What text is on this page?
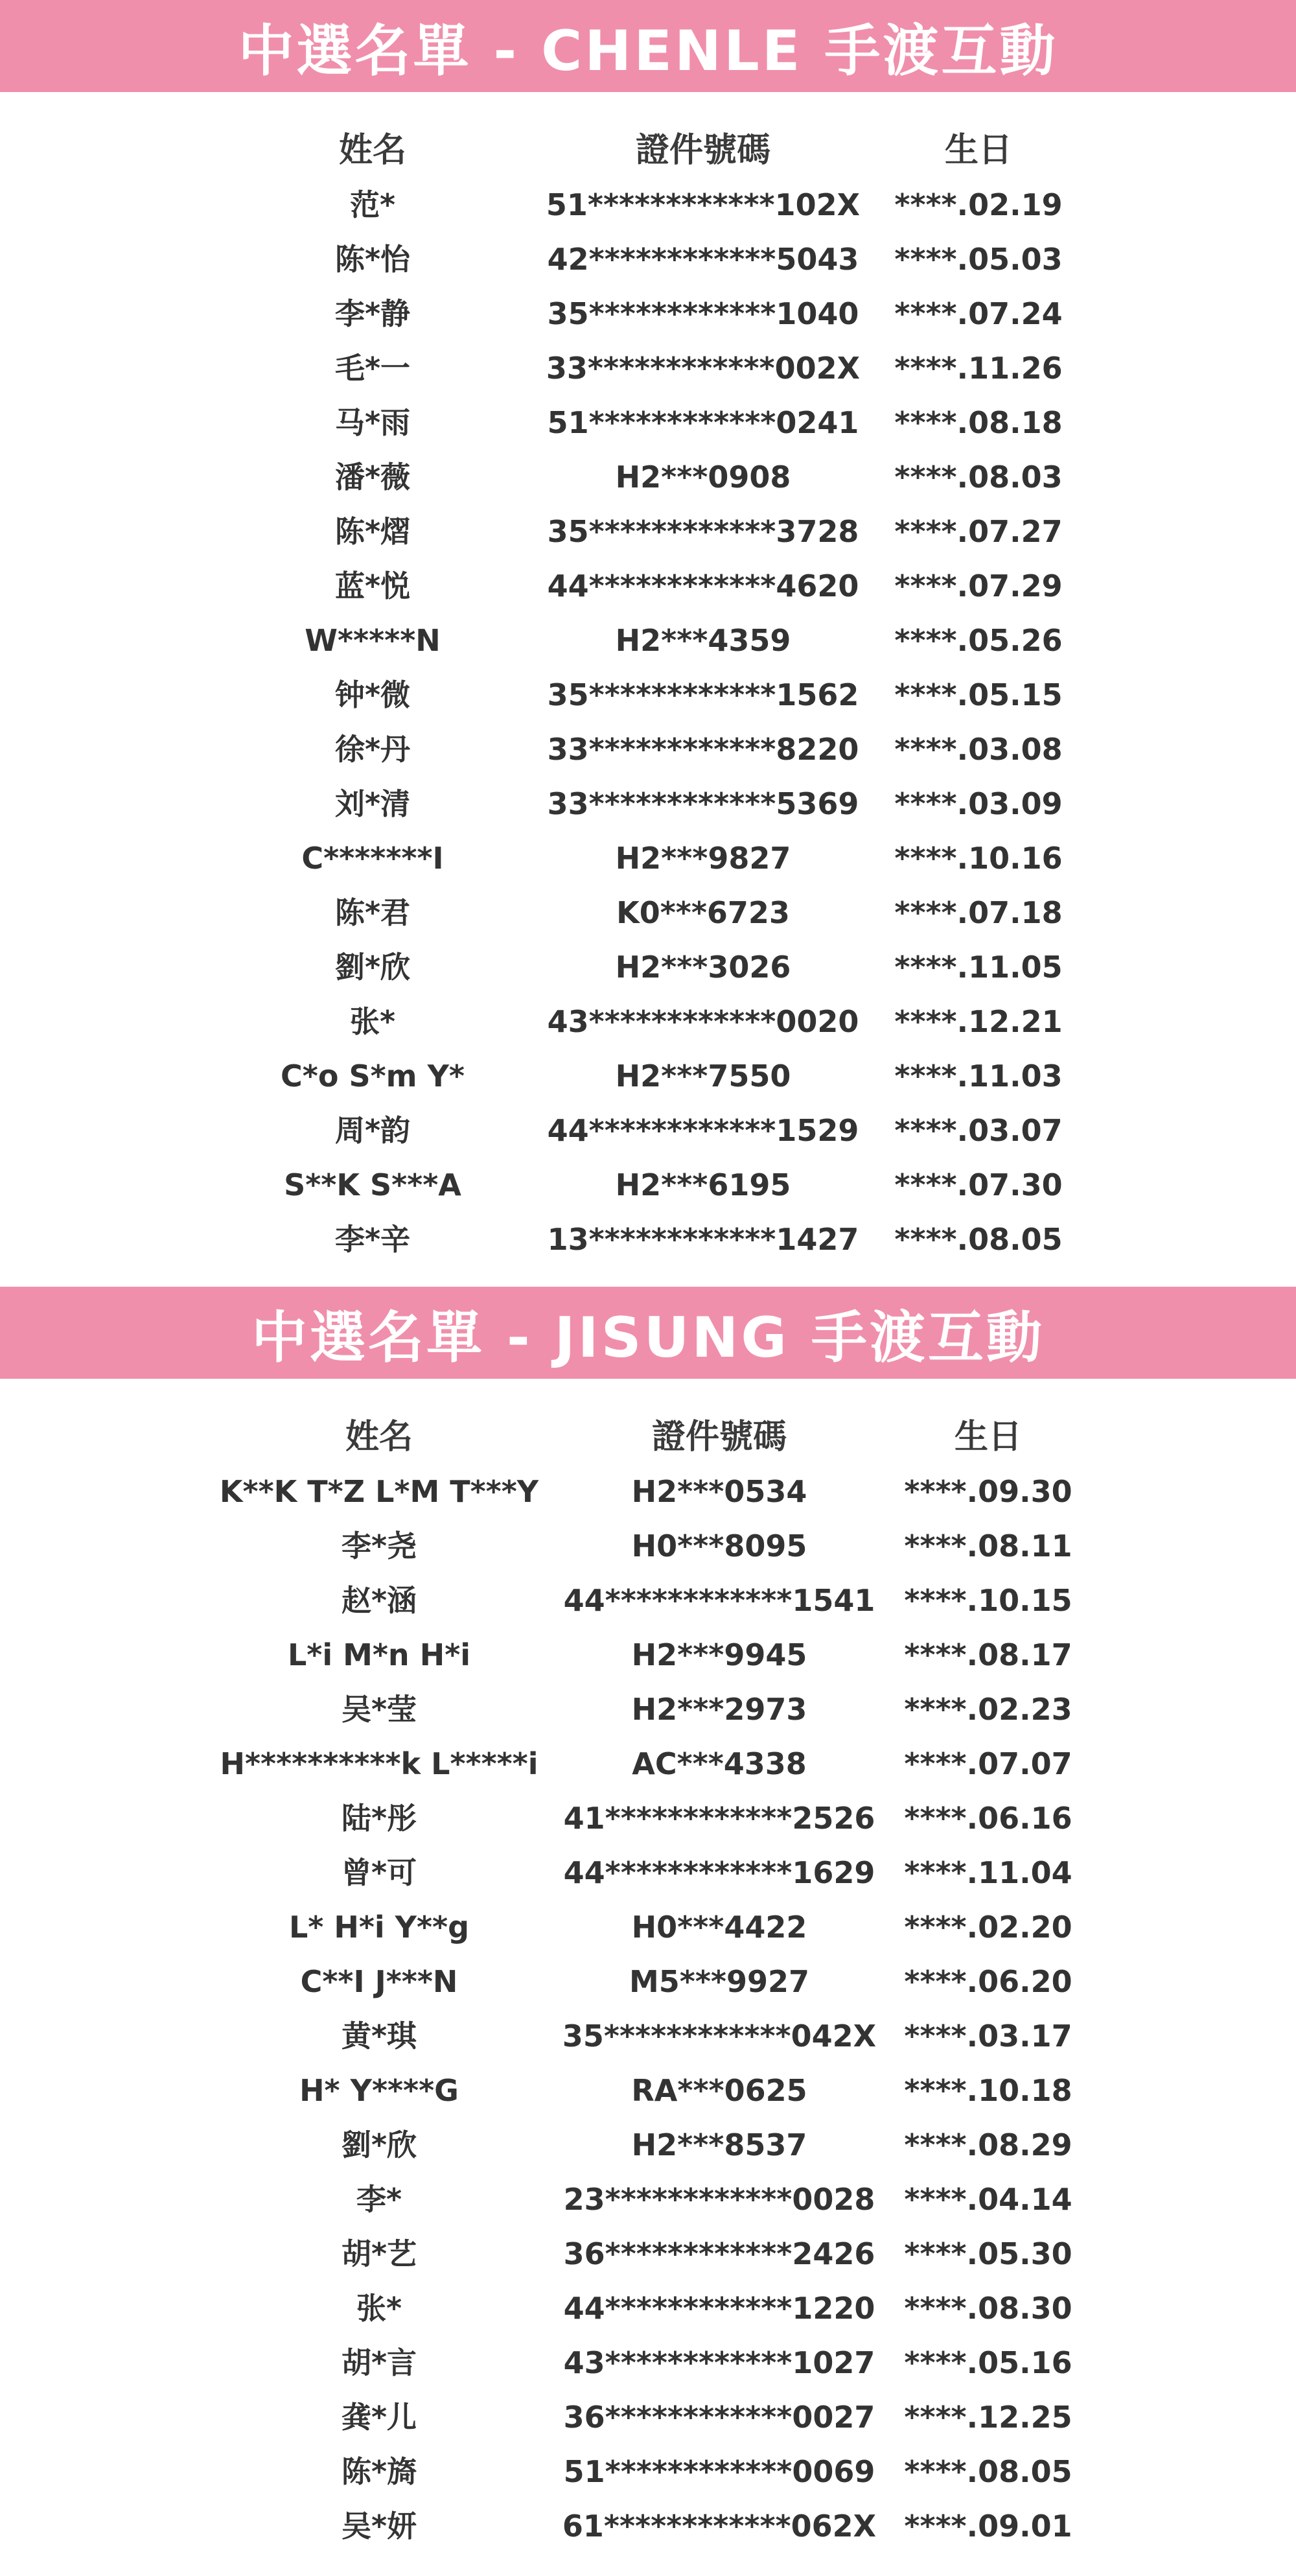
中選名單 - CHENLE 手渡互動
姓名	證件號碼	生日
范*	51************102X	****.02.19
陈*怡	42************5043	****.05.03
李*静	35************1040	****.07.24
毛*一	33************002X	****.11.26
马*雨	51************0241	****.08.18
潘*薇	H2***0908	****.08.03
陈*熠	35************3728	****.07.27
蓝*悦	44************4620	****.07.29
W*****N	H2***4359	****.05.26
钟*微	35************1562	****.05.15
徐*丹	33************8220	****.03.08
刘*清	33************5369	****.03.09
C*******I	H2***9827	****.10.16
陈*君	K0***6723	****.07.18
劉*欣	H2***3026	****.11.05
张*	43************0020	****.12.21
C*o S*m Y*	H2***7550	****.11.03
周*韵	44************1529	****.03.07
S**K S***A	H2***6195	****.07.30
李*辛	13************1427	****.08.05
中選名單 - JISUNG 手渡互動
姓名	證件號碼	生日
K**K T*Z L*M T***Y	H2***0534	****.09.30
李*尧	H0***8095	****.08.11
赵*涵	44************1541 ****.10.15
L*i M*n H*i	H2***9945	****.08.17
吴*莹	H2***2973	****.02.23
H**********k L*****i	AC***4338	****.07.07
陆*彤	41************2526 ****.06.16
曾*可	44************1629 ****.11.04
L* H*i Y**g	H0***4422	****.02.20
C**I J***N	M5***9927	****.06.20
黄*琪	35************042X ****.03.17
H* Y****G	RA***0625	****.10.18
劉*欣	H2***8537	****.08.29
李*	23************0028 ****.04.14
胡*艺	36************2426 ****.05.30
张*	44************1220 ****.08.30
胡*言	43************1027 ****.05.16
龚*儿	36************0027 ****.12.25
陈*旖	51************0069 ****.08.05
吴*妍	61************062X ****.09.01
